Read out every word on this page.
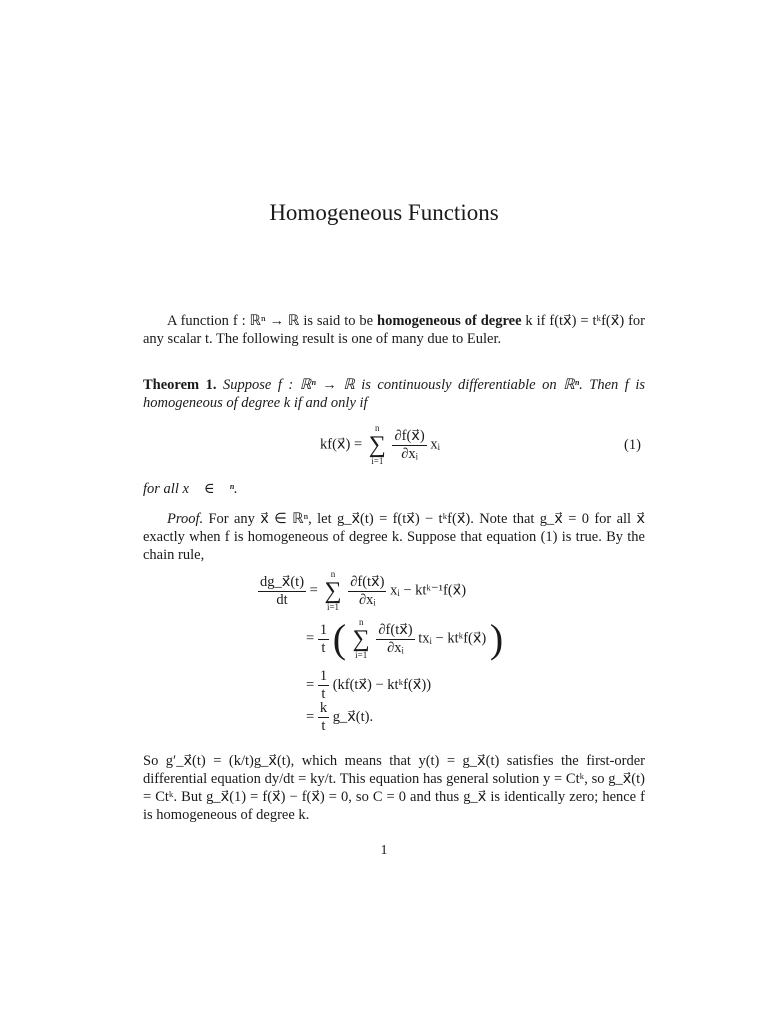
Homogeneous Functions
A function f : ℝⁿ → ℝ is said to be homogeneous of degree k if f(tx⃗) = tᵏf(x⃗) for any scalar t. The following result is one of many due to Euler.
Theorem 1. Suppose f : ℝⁿ → ℝ is continuously differentiable on ℝⁿ. Then f is homogeneous of degree k if and only if
kf(x⃗) =
n
∑
i=1
$\frac{\partial f(x⃗)}{\text{∂xᵢ}}$ xᵢ	(1)
for all x⃗ ∈ ℝⁿ.
Proof. For any x⃗ ∈ ℝⁿ, let g_x⃗(t) = f(tx⃗) − tᵏf(x⃗). Note that g_x⃗ = 0 for all x⃗ exactly when f is homogeneous of degree k. Suppose that equation (1) is true. By the chain rule,
$\frac{dg\_x⃗(t)}{dt}$ =
n
∑
i=1
$\frac{\partial f(tx⃗)}{\text{∂xᵢ}}$ xᵢ − ktᵏ⁻¹f(x⃗)
= $\frac{1}{t}$ (	n
∑
i=1
$\frac{\partial f(tx⃗)}{\text{∂xᵢ}}$ txᵢ − ktᵏf(x⃗) )
= $\frac{1}{t}$ (kf(tx⃗) − ktᵏf(x⃗))
= $\frac{k}{t}$ g_x⃗(t).
So g′_x⃗(t) = (k/t)g_x⃗(t), which means that y(t) = g_x⃗(t) satisfies the first-order differential equation dy/dt = ky/t. This equation has general solution y = Ctᵏ, so g_x⃗(t) = Ctᵏ. But g_x⃗(1) = f(x⃗) − f(x⃗) = 0, so C = 0 and thus g_x⃗ is identically zero; hence f is homogeneous of degree k.
1
